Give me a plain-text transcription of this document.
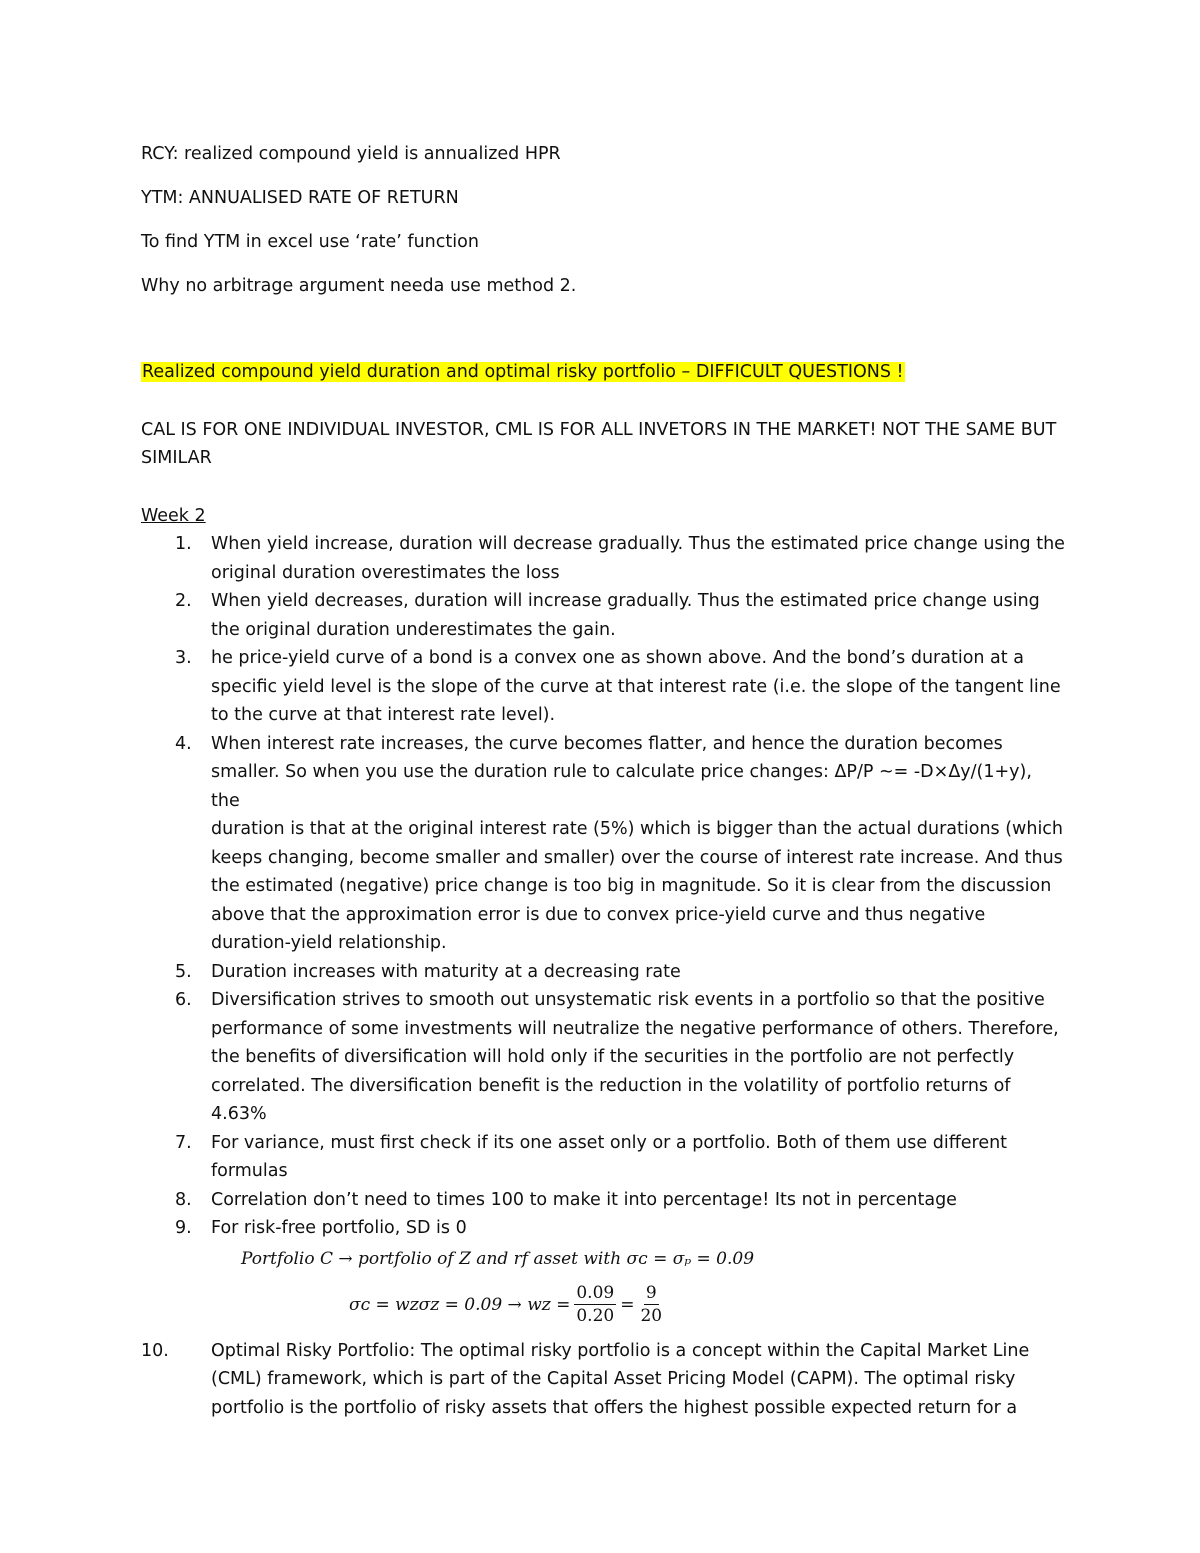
RCY: realized compound yield is annualized HPR
YTM: ANNUALISED RATE OF RETURN
To find YTM in excel use ‘rate’ function
Why no arbitrage argument needa use method 2.
Realized compound yield duration and optimal risky portfolio – DIFFICULT QUESTIONS !

CAL IS FOR ONE INDIVIDUAL INVESTOR, CML IS FOR ALL INVETORS IN THE MARKET! NOT THE SAME BUT SIMILAR

Week 2
1. When yield increase, duration will decrease gradually. Thus the estimated price change using the
original duration overestimates the loss
2. When yield decreases, duration will increase gradually. Thus the estimated price change using
the original duration underestimates the gain.
3. he price-yield curve of a bond is a convex one as shown above. And the bond’s duration at a
specific yield level is the slope of the curve at that interest rate (i.e. the slope of the tangent line
to the curve at that interest rate level).
4. When interest rate increases, the curve becomes flatter, and hence the duration becomes
smaller. So when you use the duration rule to calculate price changes: ΔP/P ~= -D×Δy/(1+y), the
duration is that at the original interest rate (5%) which is bigger than the actual durations (which
keeps changing, become smaller and smaller) over the course of interest rate increase. And thus
the estimated (negative) price change is too big in magnitude. So it is clear from the discussion
above that the approximation error is due to convex price-yield curve and thus negative
duration-yield relationship.
5. Duration increases with maturity at a decreasing rate
6. Diversification strives to smooth out unsystematic risk events in a portfolio so that the positive
performance of some investments will neutralize the negative performance of others. Therefore,
the benefits of diversification will hold only if the securities in the portfolio are not perfectly
correlated. The diversification benefit is the reduction in the volatility of portfolio returns of
4.63%
7. For variance, must first check if its one asset only or a portfolio. Both of them use different
formulas
8. Correlation don’t need to times 100 to make it into percentage! Its not in percentage
9. For risk-free portfolio, SD is 0
Portfolio C → portfolio of Z and rf asset with σᴄ = σₚ = 0.09
σᴄ = wᴢσᴢ = 0.09 → wᴢ = $\frac{0.09}{0.20} = \frac{9}{20}$
10. Optimal Risky Portfolio: The optimal risky portfolio is a concept within the Capital Market Line
(CML) framework, which is part of the Capital Asset Pricing Model (CAPM). The optimal risky
portfolio is the portfolio of risky assets that offers the highest possible expected return for a
